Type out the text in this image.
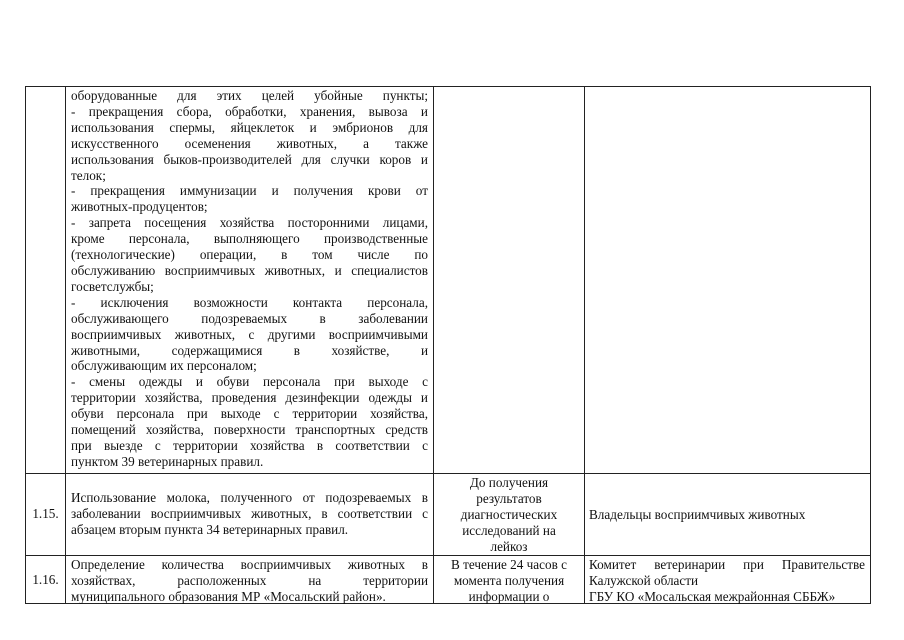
оборудованные для этих целей убойные пункты;
- прекращения сбора, обработки, хранения, вывоза и
использования спермы, яйцеклеток и эмбрионов для
искусственного осеменения животных, а также
использования быков-производителей для случки коров и
телок;
- прекращения иммунизации и получения крови от
животных-продуцентов;
- запрета посещения хозяйства посторонними лицами,
кроме персонала, выполняющего производственные
(технологические) операции, в том числе по
обслуживанию восприимчивых животных, и специалистов
госветслужбы;
- исключения возможности контакта персонала,
обслуживающего подозреваемых в заболевании
восприимчивых животных, с другими восприимчивыми
животными, содержащимися в хозяйстве, и
обслуживающим их персоналом;
- смены одежды и обуви персонала при выходе с
территории хозяйства, проведения дезинфекции одежды и
обуви персонала при выходе с территории хозяйства,
помещений хозяйства, поверхности транспортных средств
при выезде с территории хозяйства в соответствии с
пунктом 39 ветеринарных правил.
1.15.
Использование молока, полученного от подозреваемых в
заболевании восприимчивых животных, в соответствии с
абзацем вторым пункта 34 ветеринарных правил.
До получения
результатов
диагностических
исследований на
лейкоз
Владельцы восприимчивых животных
1.16.
Определение количества восприимчивых животных в
хозяйствах, расположенных на территории
муниципального образования МР «Мосальский район».
В течение 24 часов с
момента получения
информации о
Комитет ветеринарии при Правительстве
Калужской области
ГБУ КО «Мосальская межрайонная СББЖ»
